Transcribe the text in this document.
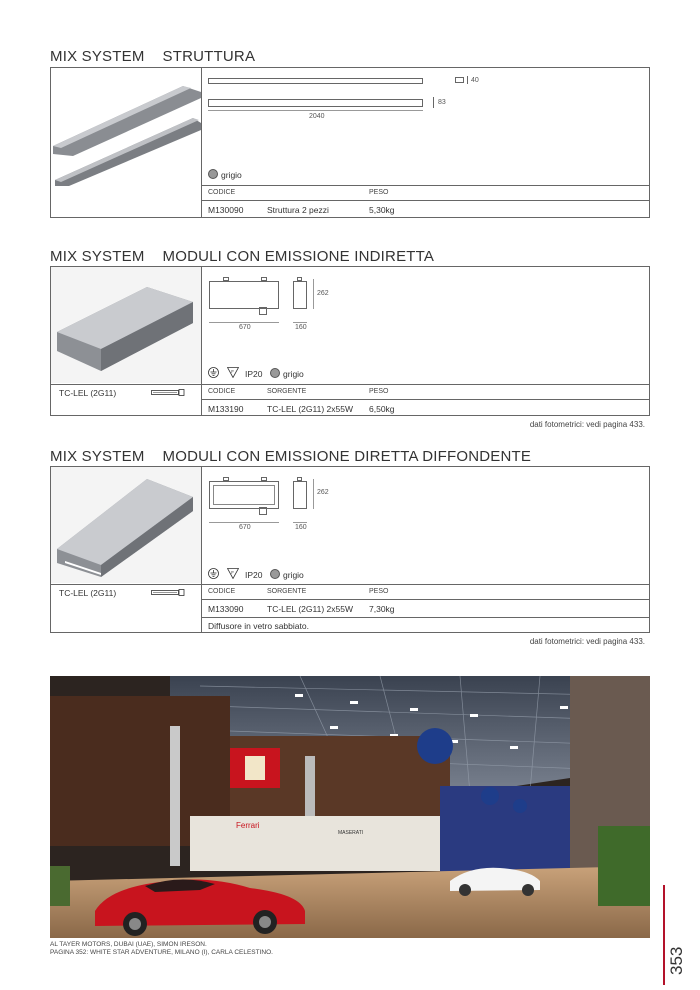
MIX SYSTEM STRUTTURA
2040
83
40
grigio
CODICE	PESO
M130090	Struttura 2 pezzi	5,30kg
MIX SYSTEM MODULI CON EMISSIONE INDIRETTA
670	160
262
F IP20 grigio
TC-LEL (2G11)	CODICE	SORGENTE	PESO
M133190	TC-LEL (2G11) 2x55W 6,50kg
dati fotometrici: vedi pagina 433.
MIX SYSTEM MODULI CON EMISSIONE DIRETTA DIFFONDENTE
670	160
262
F IP20 grigio
TC-LEL (2G11)	CODICE	SORGENTE	PESO
M133090	TC-LEL (2G11) 2x55W 7,30kg
Diffusore in vetro sabbiato.
dati fotometrici: vedi pagina 433.
Ferrari
MASERATI
AL TAYER MOTORS, DUBAI (UAE), SIMON IRESON.
PAGINA 352: WHITE STAR ADVENTURE, MILANO (I), CARLA CELESTINO.	353
